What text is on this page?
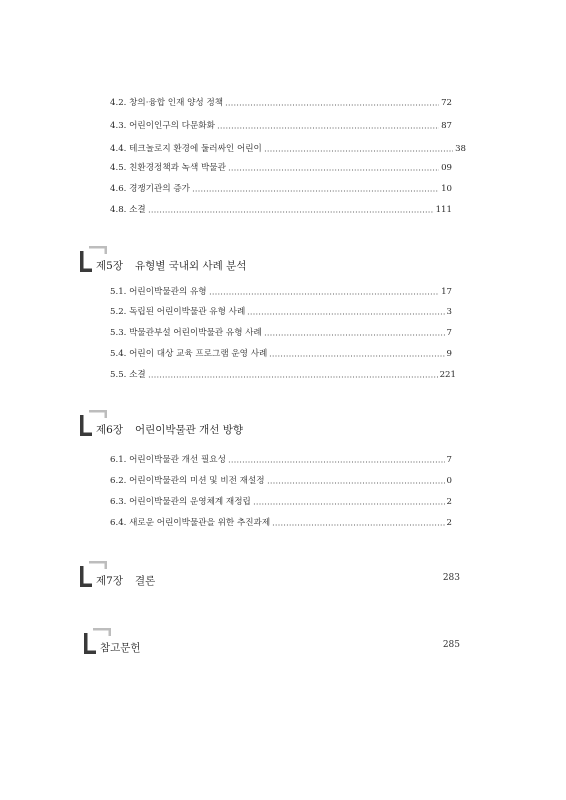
4.2. 창의·융합 인재 양성 정책	72
4.3. 어린이인구의 다문화화	87
4.4. 테크놀로지 환경에 둘러싸인 어린이	38
4.5. 친환경정책과 녹색 박물관	09
4.6. 경쟁기관의 증가	10
4.8. 소결	111
제5장 유형별 국내외 사례 분석
5.1. 어린이박물관의 유형	17
5.2. 독립된 어린이박물관 유형 사례	3
5.3. 박물관부설 어린이박물관 유형 사례	7
5.4. 어린이 대상 교육 프로그램 운영 사례	9
5.5. 소결	221
제6장 어린이박물관 개선 방향
6.1. 어린이박물관 개선 필요성	7
6.2. 어린이박물관의 미션 및 비전 재설정	0
6.3. 어린이박물관의 운영체계 재정립	2
6.4. 새로운 어린이박물관을 위한 추진과제	2
제7장 결론	283
참고문헌	285
